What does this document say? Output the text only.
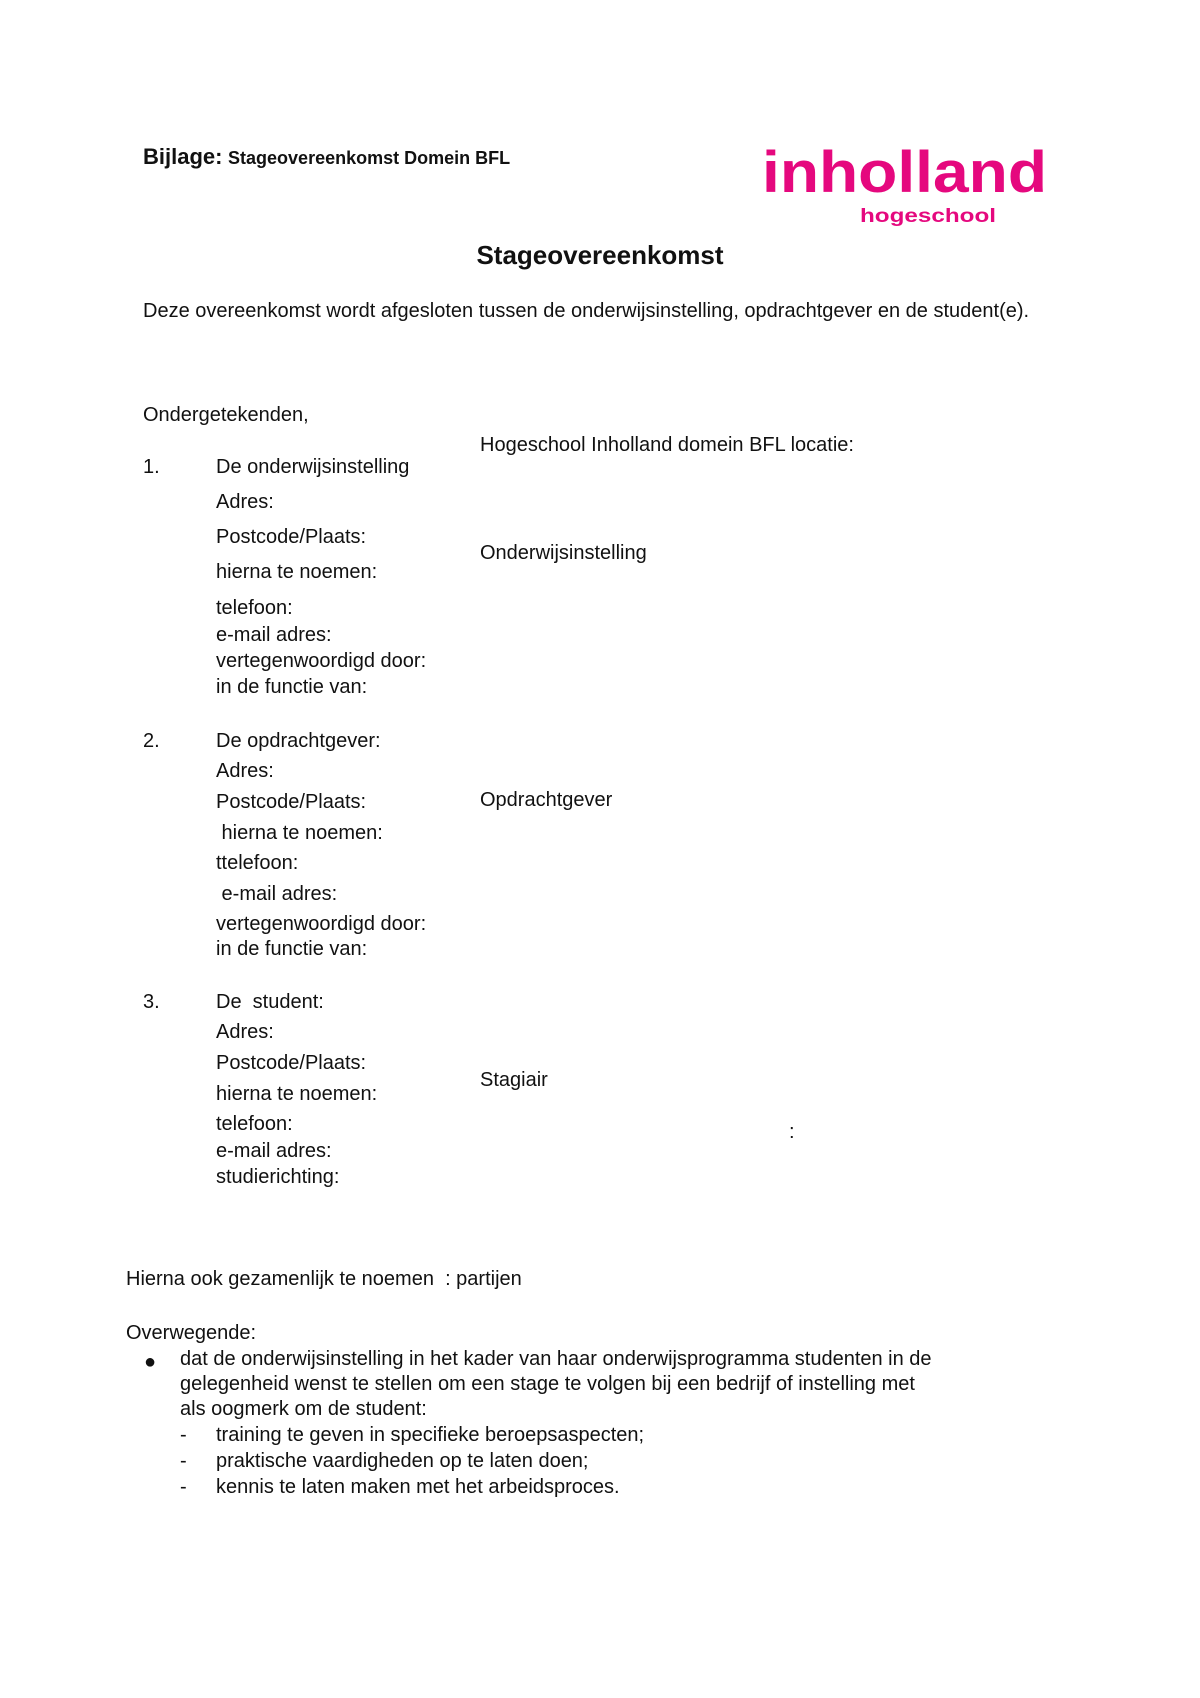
Bijlage: Stageovereenkomst Domein BFL	inholland
hogeschool
Stageovereenkomst
Deze overeenkomst wordt afgesloten tussen de onderwijsinstelling, opdrachtgever en de student(e).
Ondergetekenden,
Hogeschool Inholland domein BFL locatie:
1.	De onderwijsinstelling
Adres:
Postcode/Plaats:
Onderwijsinstelling
hierna te noemen:
telefoon:
e-mail adres:
vertegenwoordigd door:
in de functie van:
2.	De opdrachtgever:
Adres:
Postcode/Plaats:	Opdrachtgever
hierna te noemen:
ttelefoon:
e-mail adres:
vertegenwoordigd door:
in de functie van:
3.	De  student:
Adres:
Postcode/Plaats:
Stagiair
hierna te noemen:
telefoon:	:
e-mail adres:
studierichting:
Hierna ook gezamenlijk te noemen  : partijen
Overwegende:
● dat de onderwijsinstelling in het kader van haar onderwijsprogramma studenten in de
gelegenheid wenst te stellen om een stage te volgen bij een bedrijf of instelling met
als oogmerk om de student:
- training te geven in specifieke beroepsaspecten;
- praktische vaardigheden op te laten doen;
- kennis te laten maken met het arbeidsproces.
